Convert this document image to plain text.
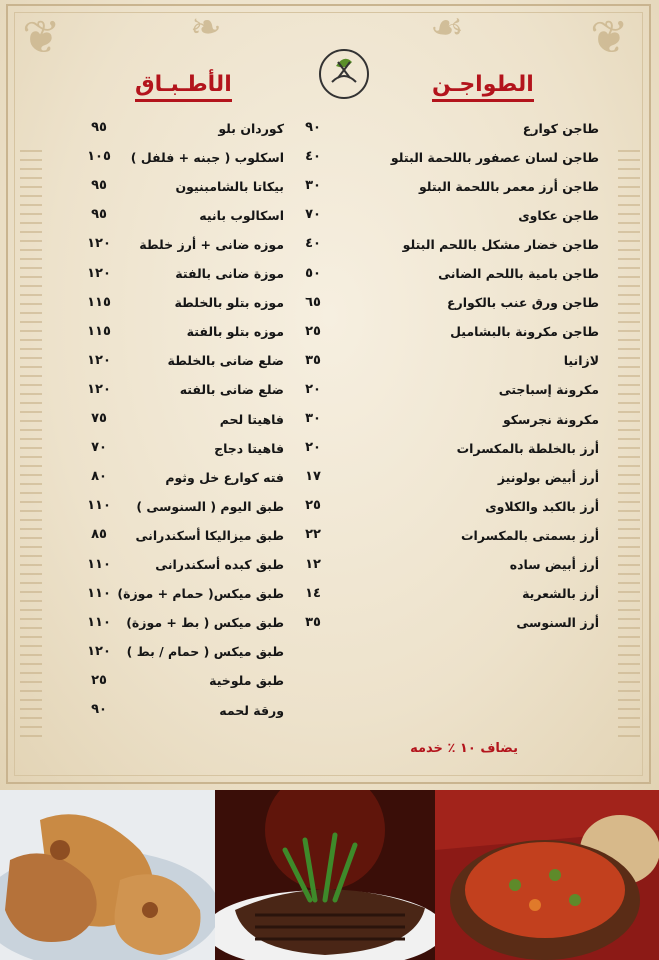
❦	❦
❧	☙
الأطـبـاق	الطواجـن
كوردان بلو
٩٥
اسكلوب ( جبنه + فلفل )
١٠٥
بيكاتا بالشامبنيون
٩٥
اسكالوب بانيه
٩٥
موزه ضانى + أرز خلطة
١٢٠
موزة ضانى بالفتة
١٢٠
موزه بتلو بالخلطة
١١٥
موزه بتلو بالفتة
١١٥
ضلع ضانى بالخلطة
١٢٠
ضلع ضانى بالفته
١٢٠
فاهيتا لحم
٧٥
فاهيتا دجاج
٧٠
فته كوارع خل وثوم
٨٠
طبق اليوم ( السنوسى )
١١٠
طبق ميزاليكا أسكندرانى
٨٥
طبق كبده أسكندرانى
١١٠
طبق ميكس( حمام + موزة)
١١٠
طبق ميكس ( بط + موزة)
١١٠
طبق ميكس ( حمام / بط )
١٢٠
طبق ملوخية
٢٥
ورقة لحمه
٩٠
طاجن كوارع
٩٠
طاجن لسان عصفور باللحمة البتلو
٤٠
طاجن أرز معمر باللحمة البتلو
٣٠
طاجن عكاوى
٧٠
طاجن خضار مشكل باللحم البتلو
٤٠
طاجن بامية باللحم الضانى
٥٠
طاجن ورق عنب بالكوارع
٦٥
طاجن مكرونة بالبشاميل
٢٥
لازانيا
٣٥
مكرونة إسباجتى
٢٠
مكرونة نجرسكو
٣٠
أرز بالخلطة بالمكسرات
٢٠
أرز أبيض بولونيز
١٧
أرز بالكبد والكلاوى
٢٥
أرز بسمتى بالمكسرات
٢٢
أرز أبيض ساده
١٢
أرز بالشعرية
١٤
أرز السنوسى
٣٥
يضاف ١٠ ٪ خدمه
